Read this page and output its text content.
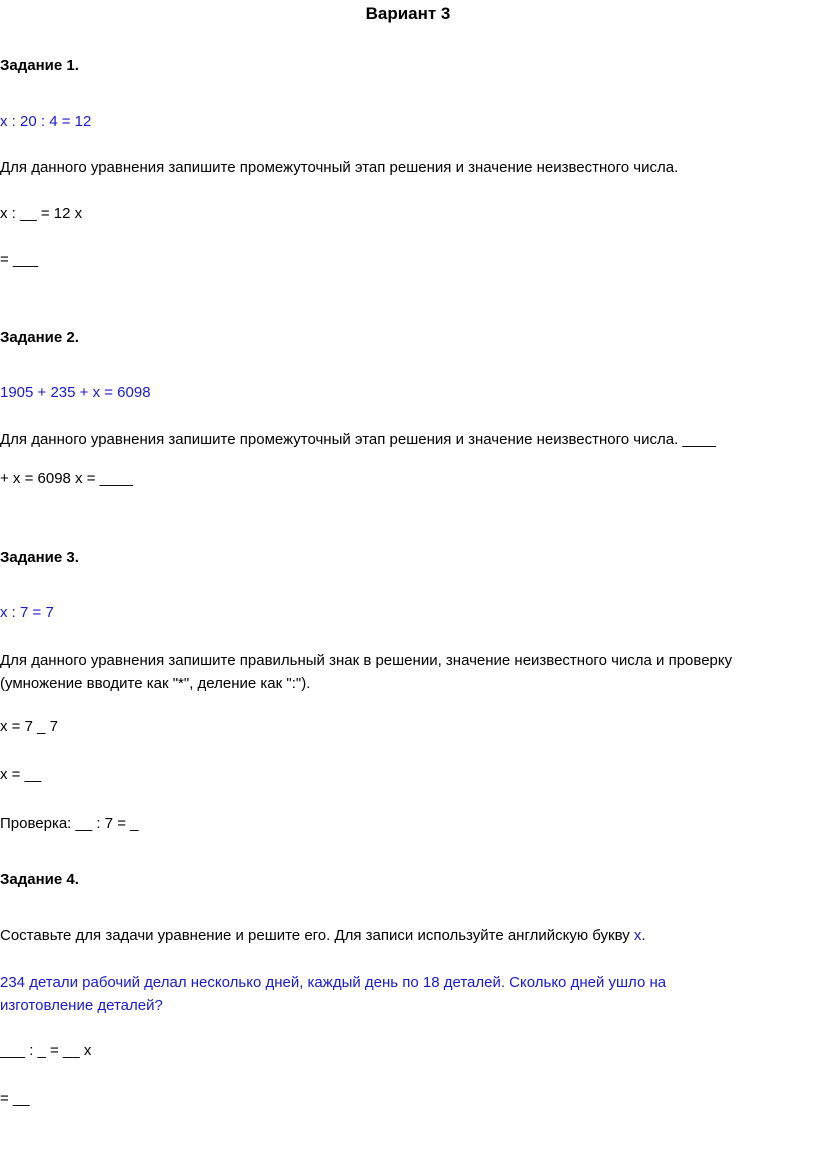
Вариант 3
Задание 1.
x : 20 : 4 = 12
Для данного уравнения запишите промежуточный этап решения и значение неизвестного числа.
x : __ = 12 x
= ___
Задание 2.
1905 + 235 + x = 6098
Для данного уравнения запишите промежуточный этап решения и значение неизвестного числа. ____
+ x = 6098 x = ____
Задание 3.
x : 7 = 7
Для данного уравнения запишите правильный знак в решении, значение неизвестного числа и проверку
(умножение вводите как "*", деление как ":").
x = 7 _ 7
x = __
Проверка: __ : 7 = _
Задание 4.
Составьте для задачи уравнение и решите его. Для записи используйте английскую букву x.
234 детали рабочий делал несколько дней, каждый день по 18 деталей. Сколько дней ушло на
изготовление деталей?
___ : _ = __ x
= __
